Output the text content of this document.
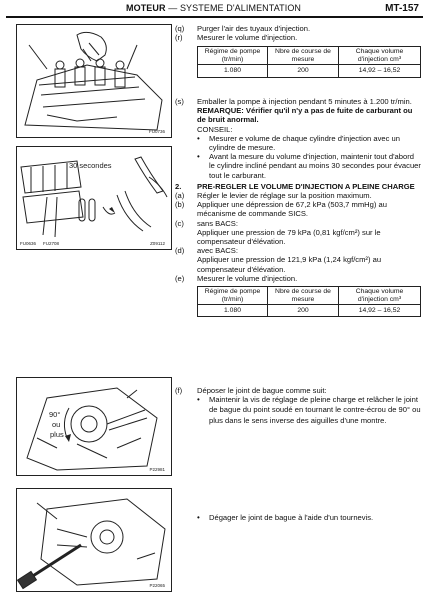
MOTEUR — SYSTEME D'ALIMENTATION	MT-157
FU0736
30 secondes
FU0636 FU2708	Z09112
90°
ou
plus
P22981
P22065

(q) Purger l'air des tuyaux d'injection.

(r) Mesurer le volume d'injection.

Régime de pompe (tr/min)	Nbre de course de mesure	Chaque volume d'injection cm³
1.080	200	14,92 – 16,52

(s) Emballer la pompe à injection pendant 5 minutes à 1.200 tr/min.

REMARQUE: Vérifier qu'il n'y a pas de fuite de carburant ou de bruit anormal.

CONSEIL:

• Mesurer e volume de chaque cylindre d'injection avec un cylindre de mesure.

• Avant la mesure du volume d'injection, maintenir tout d'abord le cylindre incliné pendant au moins 30 secondes pour évacuer tout le carburant.

2. PRE-REGLER LE VOLUME D'INJECTION A PLEINE CHARGE

(a) Régler le levier de réglage sur la position maximum.

(b) Appliquer une dépression de 67,2 kPa (503,7 mmHg) au mécanisme de commande SICS.

(c) sans BACS:

Appliquer une pression de 79 kPa (0,81 kgf/cm²) sur le compensateur d'élévation.

(d) avec BACS:

Appliquer une pression de 121,9 kPa (1,24 kgf/cm²) au compensateur d'élévation.

(e) Mesurer le volume d'injection.

Régime de pompe (tr/min)	Nbre de course de mesure	Chaque volume d'injection cm³
1.080	200	14,92 – 16,52

(f) Déposer le joint de bague comme suit:

• Maintenir la vis de réglage de pleine charge et relâcher le joint de bague du point soudé en tournant le contre-écrou de 90° ou plus dans le sens inverse des aiguilles d'une montre.

• Dégager le joint de bague à l'aide d'un tournevis.
